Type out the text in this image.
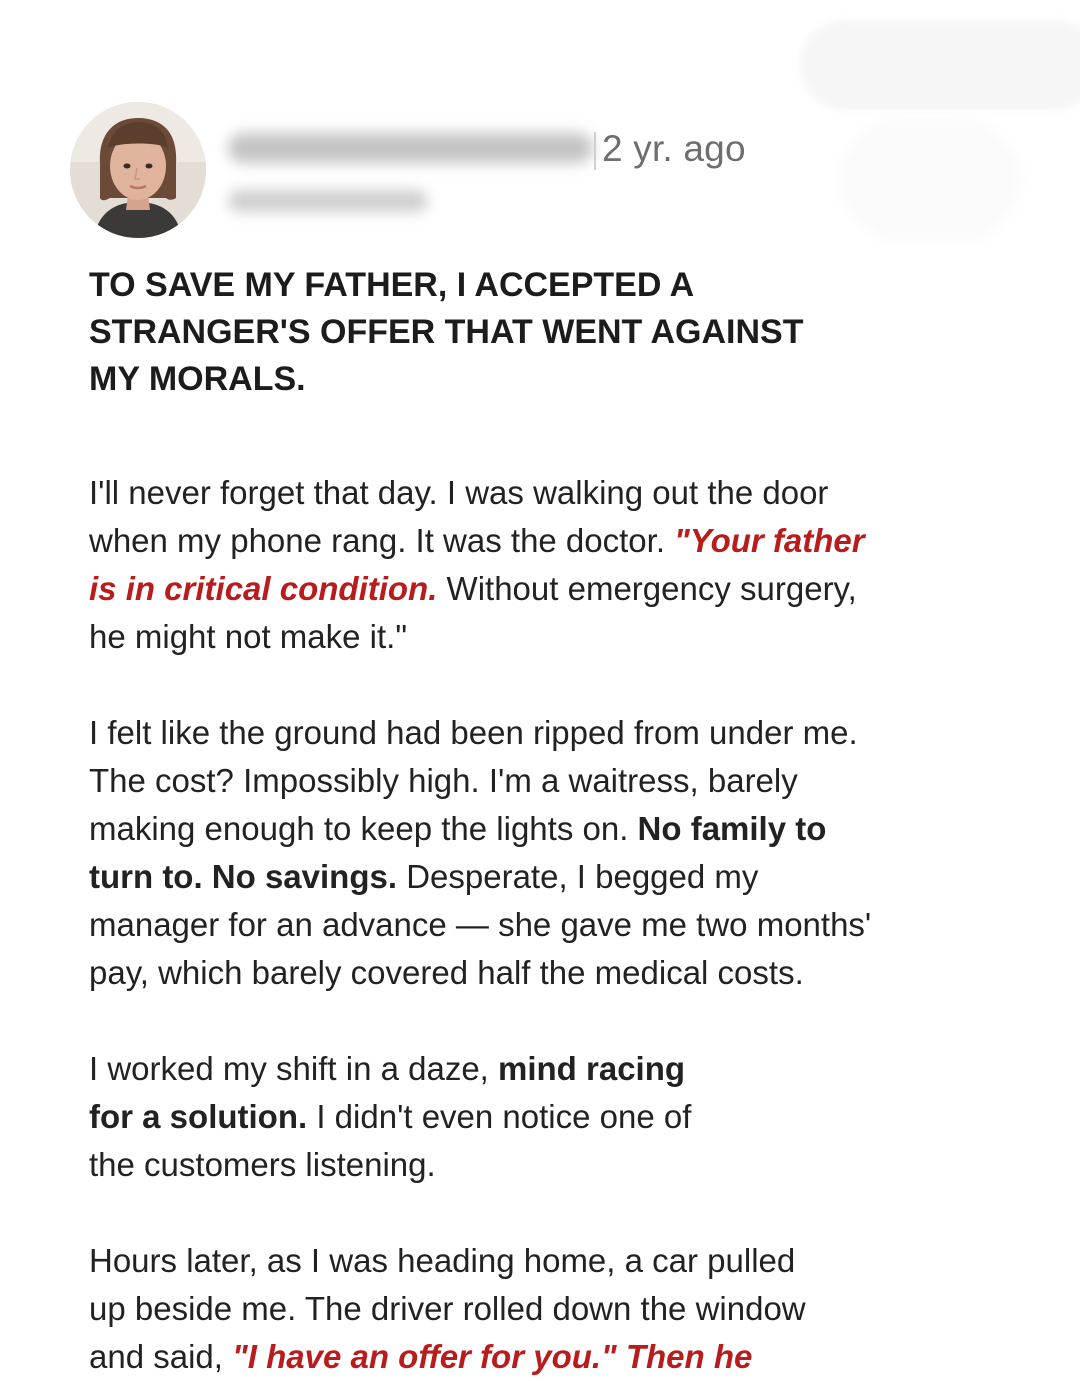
2 yr. ago
TO SAVE MY FATHER, I ACCEPTED A
STRANGER'S OFFER THAT WENT AGAINST
MY MORALS.

I'll never forget that day. I was walking out the door
when my phone rang. It was the doctor. "Your father
is in critical condition. Without emergency surgery,
he might not make it."

I felt like the ground had been ripped from under me.
The cost? Impossibly high. I'm a waitress, barely
making enough to keep the lights on. No family to
turn to. No savings. Desperate, I begged my
manager for an advance — she gave me two months'
pay, which barely covered half the medical costs.

I worked my shift in a daze, mind racing
for a solution. I didn't even notice one of
the customers listening.

Hours later, as I was heading home, a car pulled
up beside me. The driver rolled down the window
and said, "I have an offer for you." Then he
